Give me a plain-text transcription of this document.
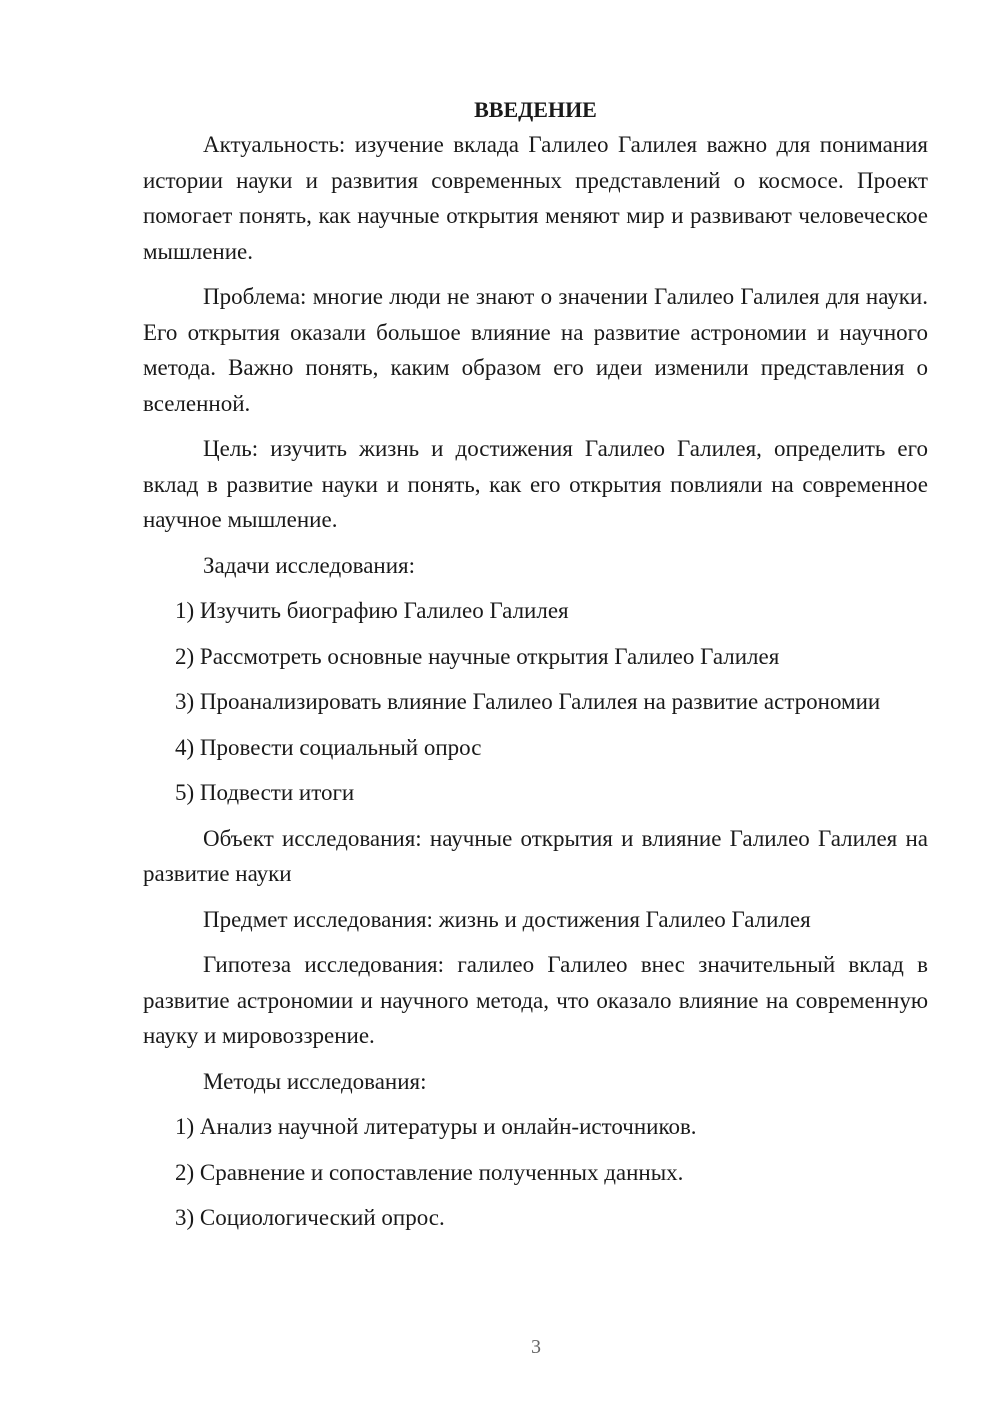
ВВЕДЕНИЕ

Актуальность: изучение вклада Галилео Галилея важно для понимания истории науки и развития современных представлений о космосе. Проект помогает понять, как научные открытия меняют мир и развивают человеческое мышление.

Проблема: многие люди не знают о значении Галилео Галилея для науки. Его открытия оказали большое влияние на развитие астрономии и научного метода. Важно понять, каким образом его идеи изменили представления о вселенной.

Цель: изучить жизнь и достижения Галилео Галилея, определить его вклад в развитие науки и понять, как его открытия повлияли на современное научное мышление.

Задачи исследования:

1) Изучить биографию Галилео Галилея

2) Рассмотреть основные научные открытия Галилео Галилея

3) Проанализировать влияние Галилео Галилея на развитие астрономии

4) Провести социальный опрос

5) Подвести итоги

Объект исследования: научные открытия и влияние Галилео Галилея на развитие науки

Предмет исследования: жизнь и достижения Галилео Галилея

Гипотеза исследования: галилео Галилео внес значительный вклад в развитие астрономии и научного метода, что оказало влияние на современную науку и мировоззрение.

Методы исследования:

1) Анализ научной литературы и онлайн-источников.

2) Сравнение и сопоставление полученных данных.

3) Социологический опрос.

3
